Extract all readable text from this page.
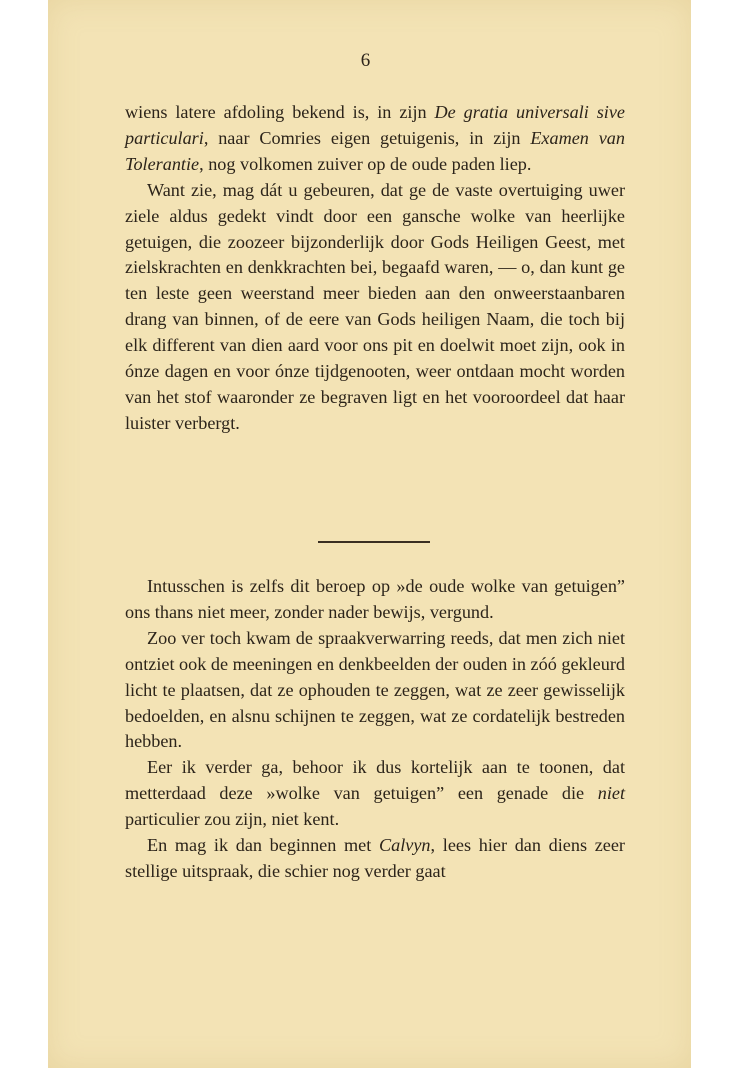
6

wiens latere afdoling bekend is, in zijn De gratia universali sive particulari, naar Comries eigen getuigenis, in zijn Examen van Tolerantie, nog volkomen zuiver op de oude paden liep.

Want zie, mag dát u gebeuren, dat ge de vaste overtuiging uwer ziele aldus gedekt vindt door een gansche wolke van heerlijke getuigen, die zoozeer bijzonderlijk door Gods Heiligen Geest, met zielskrachten en denkkrachten bei, begaafd waren, — o, dan kunt ge ten leste geen weerstand meer bieden aan den onweerstaanbaren drang van binnen, of de eere van Gods heiligen Naam, die toch bij elk different van dien aard voor ons pit en doelwit moet zijn, ook in ónze dagen en voor ónze tijdgenooten, weer ontdaan mocht worden van het stof waaronder ze begraven ligt en het vooroordeel dat haar luister verbergt.

Intusschen is zelfs dit beroep op »de oude wolke van getuigen” ons thans niet meer, zonder nader bewijs, vergund.

Zoo ver toch kwam de spraakverwarring reeds, dat men zich niet ontziet ook de meeningen en denkbeelden der ouden in zóó gekleurd licht te plaatsen, dat ze ophouden te zeggen, wat ze zeer gewisselijk bedoelden, en alsnu schijnen te zeggen, wat ze cordatelijk bestreden hebben.

Eer ik verder ga, behoor ik dus kortelijk aan te toonen, dat metterdaad deze »wolke van getuigen” een genade die niet particulier zou zijn, niet kent.

En mag ik dan beginnen met Calvyn, lees hier dan diens zeer stellige uitspraak, die schier nog verder gaat
